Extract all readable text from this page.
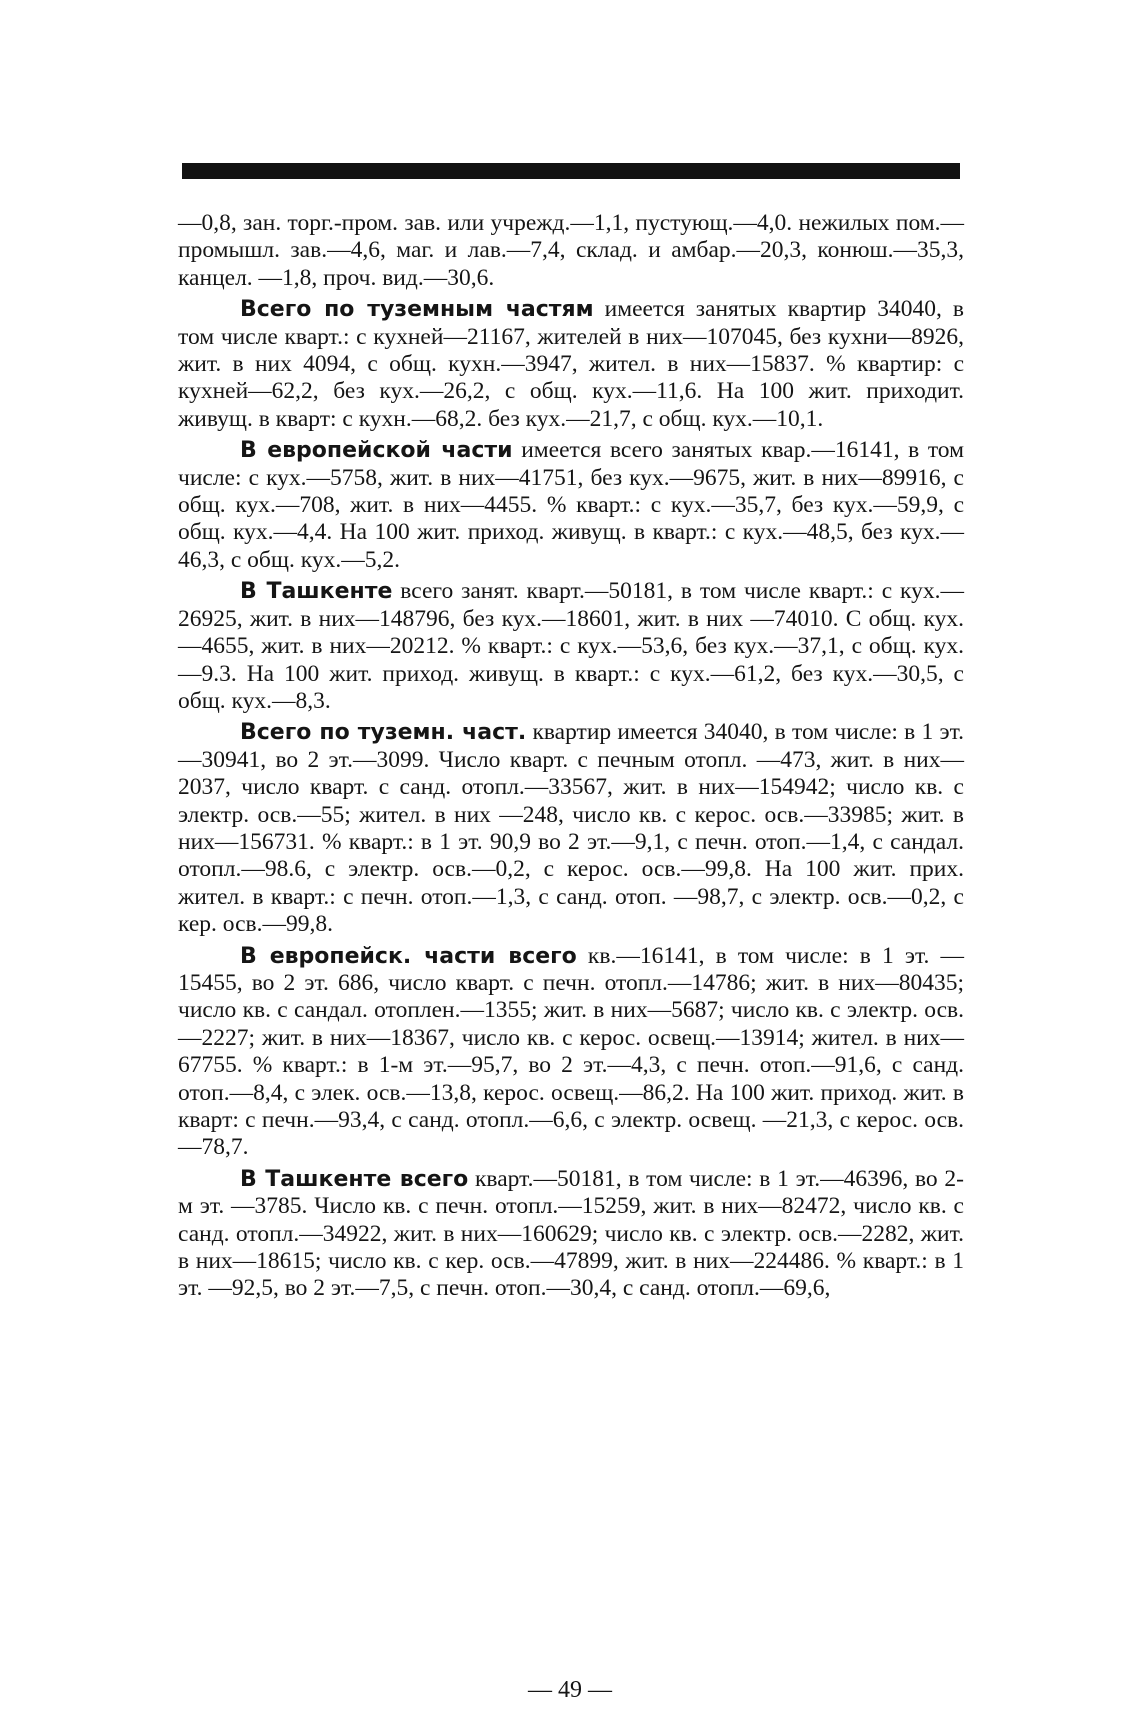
—0,8, зан. торг.-пром. зав. или учрежд.—1,1, пустующ.—4,0. нежилых пом.—промышл. зав.—4,6, маг. и лав.—7,4, склад. и амбар.—20,3, конюш.—35,3, канцел. —1,8, проч. вид.—30,6.

Всего по туземным частям имеется занятых квартир 34040, в том числе кварт.: с кухней—21167, жителей в них—107045, без кухни—8926, жит. в них 4094, с общ. кухн.—3947, жител. в них—15837. % квартир: с кухней—62,2, без кух.—26,2, с общ. кух.—11,6. На 100 жит. приходит. живущ. в кварт: с кухн.—68,2. без кух.—21,7, с общ. кух.—10,1.

В европейской части имеется всего занятых квар.—16141, в том числе: с кух.—5758, жит. в них—41751, без кух.—9675, жит. в них—89916, с общ. кух.—708, жит. в них—4455. % кварт.: с кух.—35,7, без кух.—59,9, с общ. кух.—4,4. На 100 жит. приход. живущ. в кварт.: с кух.—48,5, без кух.—46,3, с общ. кух.—5,2.

В Ташкенте всего занят. кварт.—50181, в том числе кварт.: с кух.—26925, жит. в них—148796, без кух.—18601, жит. в них —74010. С общ. кух.—4655, жит. в них—20212. % кварт.: с кух.—53,6, без кух.—37,1, с общ. кух.—9.3. На 100 жит. приход. живущ. в кварт.: с кух.—61,2, без кух.—30,5, с общ. кух.—8,3.

Всего по туземн. част. квартир имеется 34040, в том числе: в 1 эт.—30941, во 2 эт.—3099. Число кварт. с печным отопл. —473, жит. в них—2037, число кварт. с санд. отопл.—33567, жит. в них—154942; число кв. с электр. осв.—55; жител. в них —248, число кв. с керос. осв.—33985; жит. в них—156731. % кварт.: в 1 эт. 90,9 во 2 эт.—9,1, с печн. отоп.—1,4, с сандал. отопл.—98.6, с электр. осв.—0,2, с керос. осв.—99,8. На 100 жит. прих. жител. в кварт.: с печн. отоп.—1,3, с санд. отоп. —98,7, с электр. осв.—0,2, с кер. осв.—99,8.

В европейск. части всего кв.—16141, в том числе: в 1 эт. —15455, во 2 эт. 686, число кварт. с печн. отопл.—14786; жит. в них—80435; число кв. с сандал. отоплен.—1355; жит. в них—5687; число кв. с электр. осв.—2227; жит. в них—18367, число кв. с керос. освещ.—13914; жител. в них—67755. % кварт.: в 1-м эт.—95,7, во 2 эт.—4,3, с печн. отоп.—91,6, с санд. отоп.—8,4, с элек. осв.—13,8, керос. освещ.—86,2. На 100 жит. приход. жит. в кварт: с печн.—93,4, с санд. отопл.—6,6, с электр. освещ. —21,3, с керос. осв.—78,7.

В Ташкенте всего кварт.—50181, в том числе: в 1 эт.—46396, во 2-м эт. —3785. Число кв. с печн. отопл.—15259, жит. в них—82472, число кв. с санд. отопл.—34922, жит. в них—160629; число кв. с электр. осв.—2282, жит. в них—18615; число кв. с кер. осв.—47899, жит. в них—224486. % кварт.: в 1 эт. —92,5, во 2 эт.—7,5, с печн. отоп.—30,4, с санд. отопл.—69,6,

— 49 —
